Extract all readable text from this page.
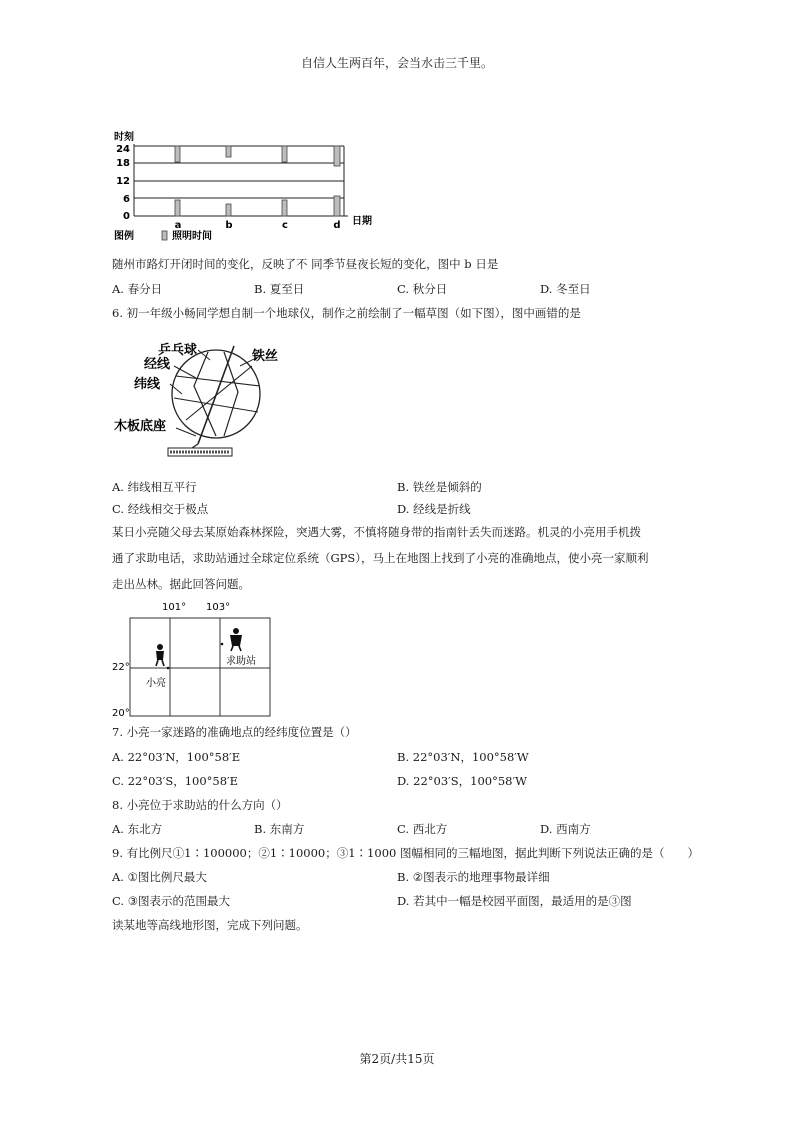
自信人生两百年，会当水击三千里。
时刻
24
18
12
6
0
a	b	c	d 日期
图例	照明时间
随州市路灯开闭时间的变化，反映了不 同季节昼夜长短的变化，图中 b 日是
A. 春分日	B. 夏至日	C. 秋分日	D. 冬至日
6. 初一年级小畅同学想自制一个地球仪，制作之前绘制了一幅草图（如下图），图中画错的是
乒乓球
经线
纬线
铁丝
木板底座
A. 纬线相互平行	B. 铁丝是倾斜的
C. 经线相交于极点	D. 经线是折线
某日小亮随父母去某原始森林探险，突遇大雾，不慎将随身带的指南针丢失而迷路。机灵的小亮用手机拨
通了求助电话，求助站通过全球定位系统（GPS），马上在地图上找到了小亮的准确地点，使小亮一家顺利
走出丛林。据此回答问题。
101° 103°
22°
20°
小亮
求助站
7. 小亮一家迷路的准确地点的经纬度位置是（）
A. 22°03′N，100°58′E	B. 22°03′N，100°58′W
C. 22°03′S，100°58′E	D. 22°03′S，100°58′W
8. 小亮位于求助站的什么方向（）
A. 东北方	B. 东南方	C. 西北方	D. 西南方
9. 有比例尺①1∶100000；②1∶10000；③1∶1000 图幅相同的三幅地图，据此判断下列说法正确的是（　　）
A. ①图比例尺最大	B. ②图表示的地理事物最详细
C. ③图表示的范围最大	D. 若其中一幅是校园平面图，最适用的是③图
读某地等高线地形图，完成下列问题。
第2页/共15页
